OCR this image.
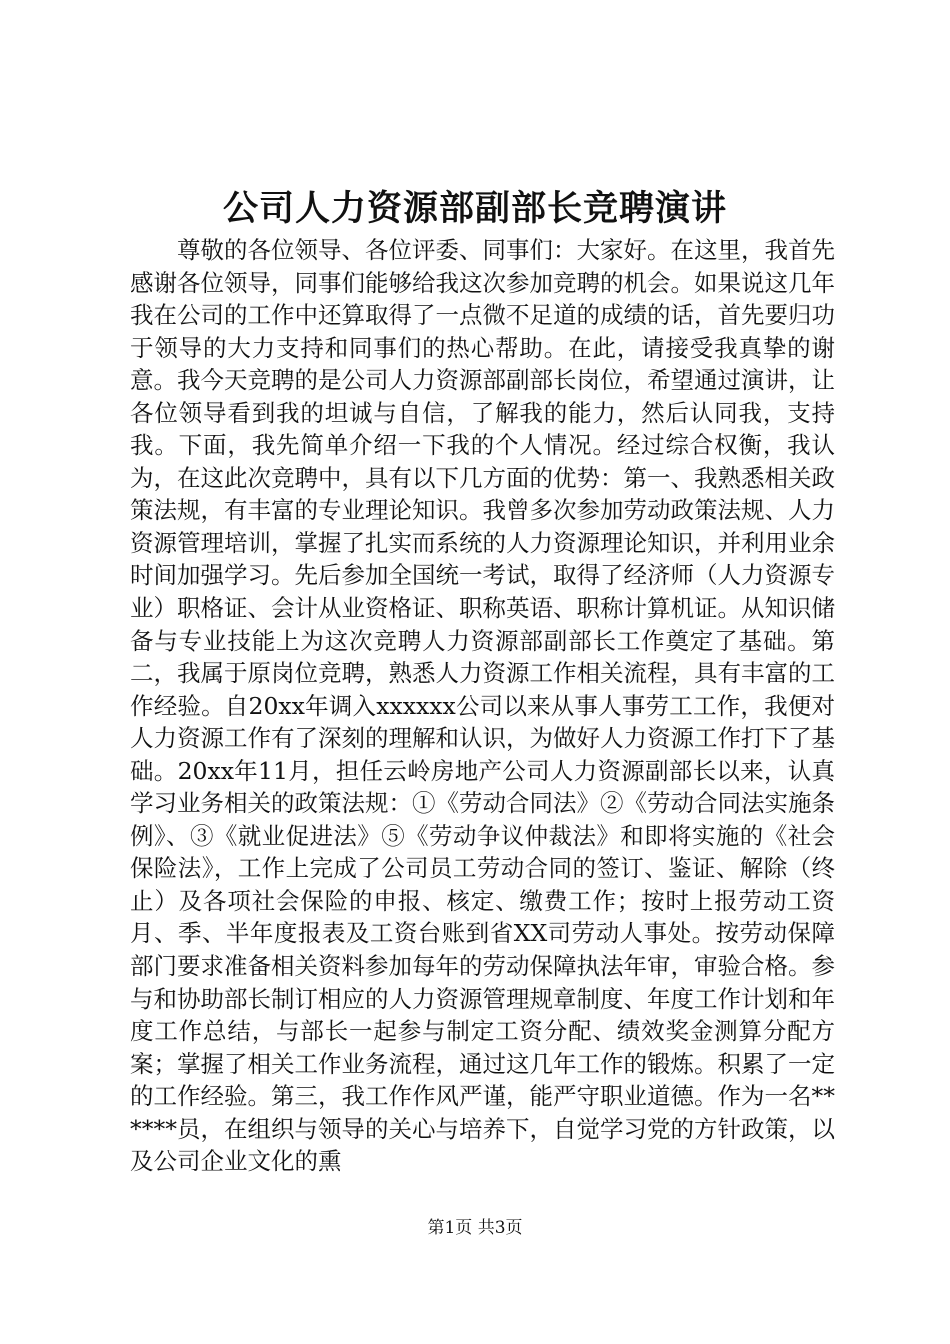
公司人力资源部副部长竞聘演讲
尊敬的各位领导、各位评委、同事们：大家好。在这里，我首先感谢各位领导，同事们能够给我这次参加竞聘的机会。如果说这几年我在公司的工作中还算取得了一点微不足道的成绩的话，首先要归功于领导的大力支持和同事们的热心帮助。在此，请接受我真挚的谢意。我今天竞聘的是公司人力资源部副部长岗位，希望通过演讲，让各位领导看到我的坦诚与自信，了解我的能力，然后认同我，支持我。下面，我先简单介绍一下我的个人情况。经过综合权衡，我认为，在这此次竞聘中，具有以下几方面的优势：第一、我熟悉相关政策法规，有丰富的专业理论知识。我曾多次参加劳动政策法规、人力资源管理培训，掌握了扎实而系统的人力资源理论知识，并利用业余时间加强学习。先后参加全国统一考试，取得了经济师（人力资源专业）职格证、会计从业资格证、职称英语、职称计算机证。从知识储备与专业技能上为这次竞聘人力资源部副部长工作奠定了基础。第二，我属于原岗位竞聘，熟悉人力资源工作相关流程，具有丰富的工作经验。自20xx年调入xxxxxx公司以来从事人事劳工工作，我便对人力资源工作有了深刻的理解和认识，为做好人力资源工作打下了基础。20xx年11月，担任云岭房地产公司人力资源副部长以来，认真学习业务相关的政策法规：①《劳动合同法》②《劳动合同法实施条例》、③《就业促进法》⑤《劳动争议仲裁法》和即将实施的《社会保险法》，工作上完成了公司员工劳动合同的签订、鉴证、解除（终止）及各项社会保险的申报、核定、缴费工作；按时上报劳动工资月、季、半年度报表及工资台账到省XX司劳动人事处。按劳动保障部门要求准备相关资料参加每年的劳动保障执法年审，审验合格。参与和协助部长制订相应的人力资源管理规章制度、年度工作计划和年度工作总结，与部长一起参与制定工资分配、绩效奖金测算分配方案；掌握了相关工作业务流程，通过这几年工作的锻炼。积累了一定的工作经验。第三，我工作作风严谨，能严守职业道德。作为一名******员，在组织与领导的关心与培养下，自觉学习党的方针政策，以及公司企业文化的熏
第1页 共3页
